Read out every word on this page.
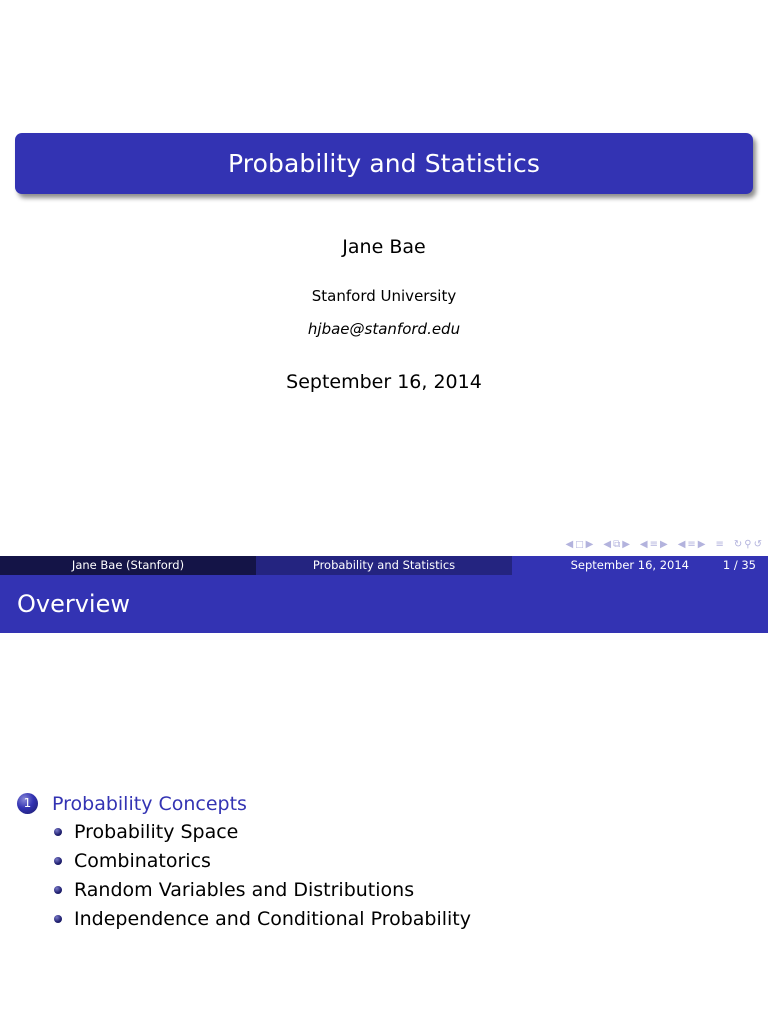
Probability and Statistics
Jane Bae
Stanford University
hjbae@stanford.edu
September 16, 2014
◀ □ ▶ ◀ ⧉ ▶ ◀ ≡ ▶ ◀ ≡ ▶ ≡ ↻ ⚲ ↺
Jane Bae (Stanford)	Probability and Statistics	September 16, 2014	1 / 35
Overview
1	Probability Concepts
Probability Space
Combinatorics
Random Variables and Distributions
Independence and Conditional Probability
